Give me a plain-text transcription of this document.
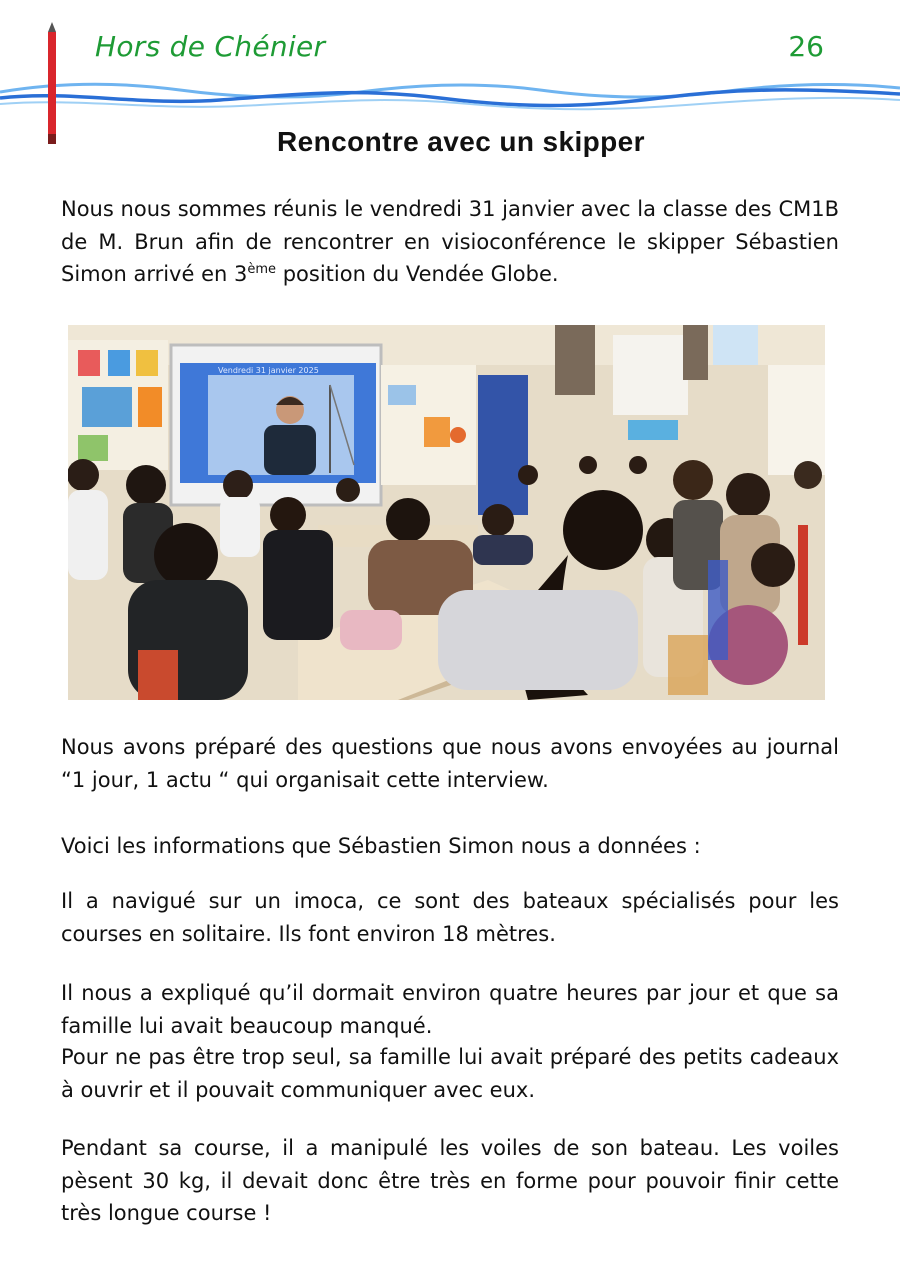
Hors de Chénier	26
Rencontre avec un skipper

Nous nous sommes réunis le vendredi 31 janvier avec la classe des CM1B de M. Brun afin de rencontrer en visioconférence le skipper Sébastien Simon arrivé en 3ème position du Vendée Globe.

Vendredi 31 janvier 2025

Nous avons préparé des questions que nous avons envoyées au journal “1 jour, 1 actu “ qui organisait cette interview.

Voici les informations que Sébastien Simon nous a données :

Il a navigué sur un imoca, ce sont des bateaux spécialisés pour les courses en solitaire. Ils font environ 18 mètres.

Il nous a expliqué qu’il dormait environ quatre heures par jour et que sa famille lui avait beaucoup manqué.

Pour ne pas être trop seul, sa famille lui avait préparé des petits cadeaux à ouvrir et il pouvait communiquer avec eux.

Pendant sa course, il a manipulé les voiles de son bateau. Les voiles pèsent 30 kg, il devait donc être très en forme pour pouvoir finir cette très longue course !
